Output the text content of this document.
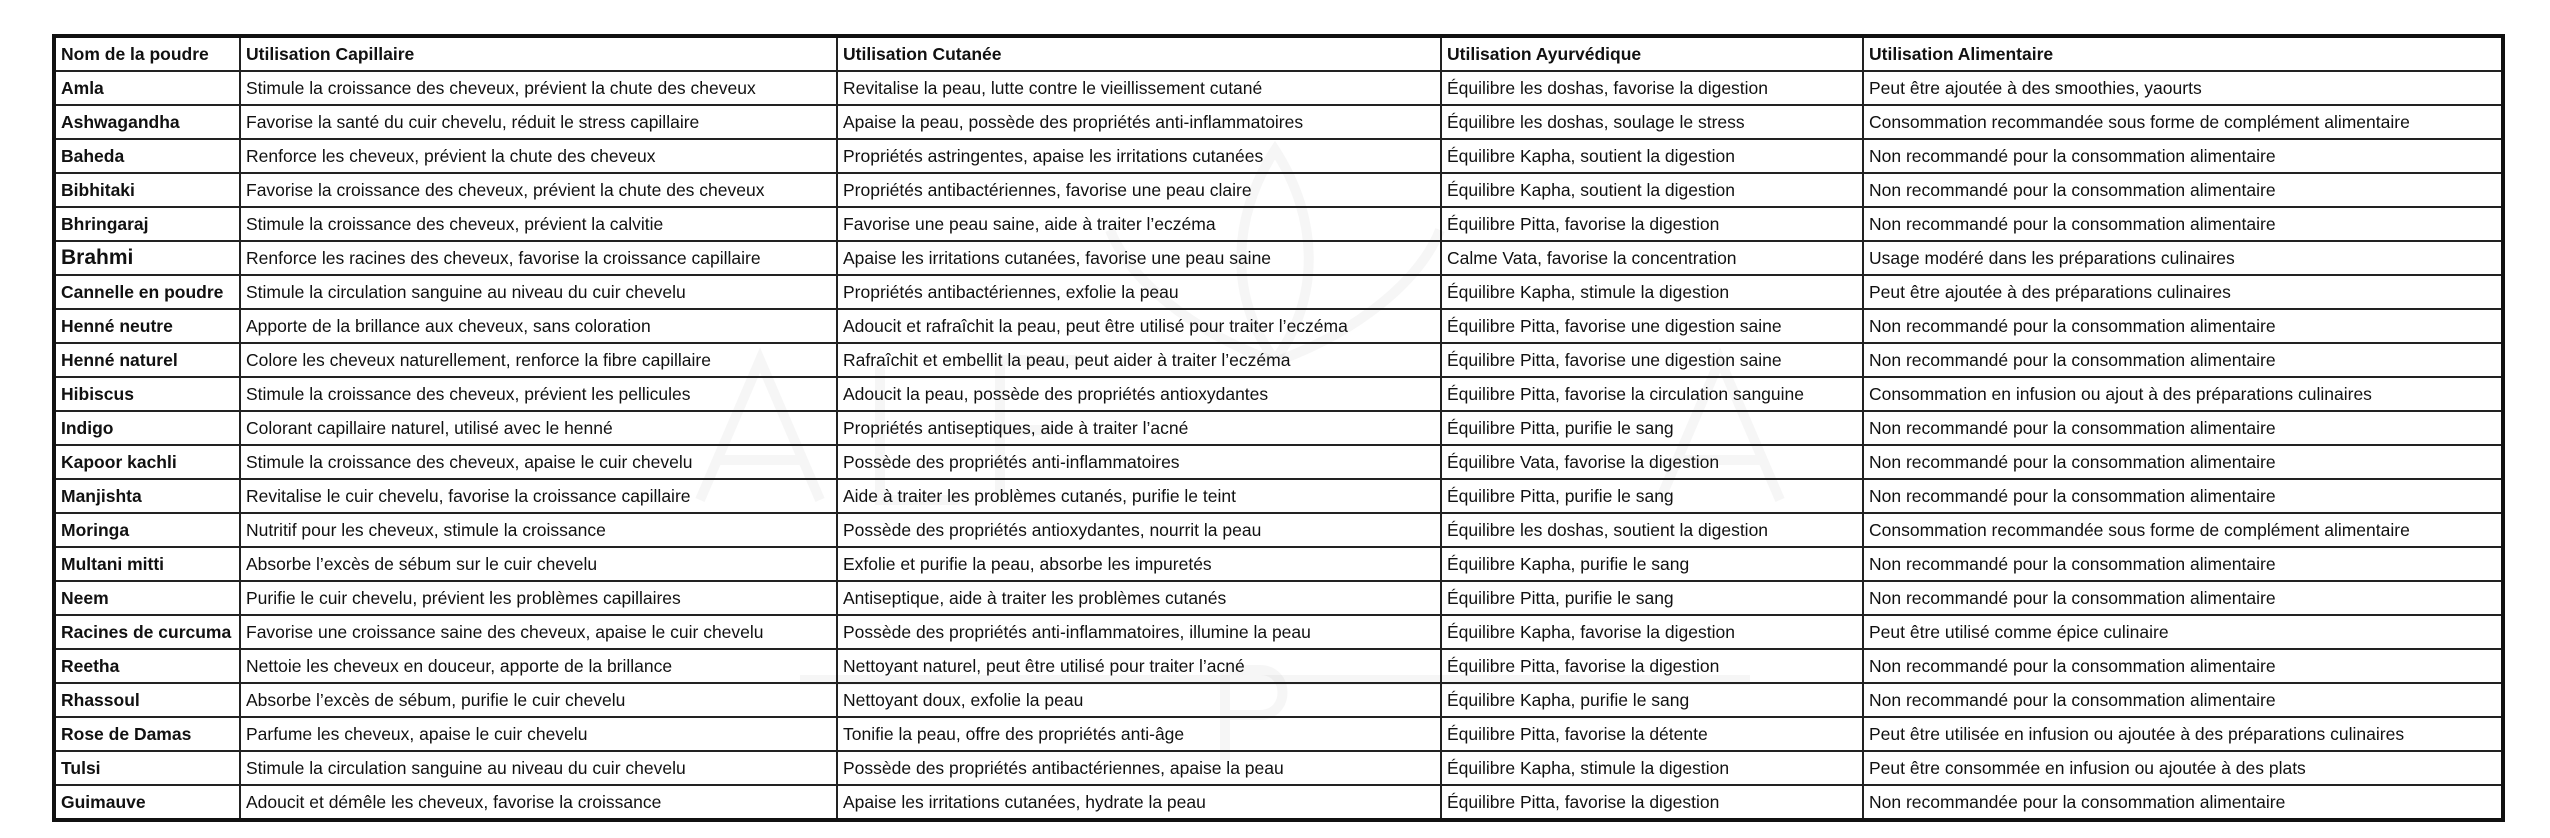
Nom de la poudre	Utilisation Capillaire	Utilisation Cutanée	Utilisation Ayurvédique	Utilisation Alimentaire
Amla	Stimule la croissance des cheveux, prévient la chute des cheveux	Revitalise la peau, lutte contre le vieillissement cutané	Équilibre les doshas, favorise la digestion	Peut être ajoutée à des smoothies, yaourts
Ashwagandha	Favorise la santé du cuir chevelu, réduit le stress capillaire	Apaise la peau, possède des propriétés anti-inflammatoires	Équilibre les doshas, soulage le stress	Consommation recommandée sous forme de complément alimentaire
Baheda	Renforce les cheveux, prévient la chute des cheveux	Propriétés astringentes, apaise les irritations cutanées	Équilibre Kapha, soutient la digestion	Non recommandé pour la consommation alimentaire
Bibhitaki	Favorise la croissance des cheveux, prévient la chute des cheveux	Propriétés antibactériennes, favorise une peau claire	Équilibre Kapha, soutient la digestion	Non recommandé pour la consommation alimentaire
Bhringaraj	Stimule la croissance des cheveux, prévient la calvitie	Favorise une peau saine, aide à traiter l’eczéma	Équilibre Pitta, favorise la digestion	Non recommandé pour la consommation alimentaire
Brahmi	Renforce les racines des cheveux, favorise la croissance capillaire	Apaise les irritations cutanées, favorise une peau saine	Calme Vata, favorise la concentration	Usage modéré dans les préparations culinaires
Cannelle en poudre	Stimule la circulation sanguine au niveau du cuir chevelu	Propriétés antibactériennes, exfolie la peau	Équilibre Kapha, stimule la digestion	Peut être ajoutée à des préparations culinaires
Henné neutre	Apporte de la brillance aux cheveux, sans coloration	Adoucit et rafraîchit la peau, peut être utilisé pour traiter l’eczéma	Équilibre Pitta, favorise une digestion saine	Non recommandé pour la consommation alimentaire
Henné naturel	Colore les cheveux naturellement, renforce la fibre capillaire	Rafraîchit et embellit la peau, peut aider à traiter l’eczéma	Équilibre Pitta, favorise une digestion saine	Non recommandé pour la consommation alimentaire
Hibiscus	Stimule la croissance des cheveux, prévient les pellicules	Adoucit la peau, possède des propriétés antioxydantes	Équilibre Pitta, favorise la circulation sanguine	Consommation en infusion ou ajout à des préparations culinaires
Indigo	Colorant capillaire naturel, utilisé avec le henné	Propriétés antiseptiques, aide à traiter l’acné	Équilibre Pitta, purifie le sang	Non recommandé pour la consommation alimentaire
Kapoor kachli	Stimule la croissance des cheveux, apaise le cuir chevelu	Possède des propriétés anti-inflammatoires	Équilibre Vata, favorise la digestion	Non recommandé pour la consommation alimentaire
Manjishta	Revitalise le cuir chevelu, favorise la croissance capillaire	Aide à traiter les problèmes cutanés, purifie le teint	Équilibre Pitta, purifie le sang	Non recommandé pour la consommation alimentaire
Moringa	Nutritif pour les cheveux, stimule la croissance	Possède des propriétés antioxydantes, nourrit la peau	Équilibre les doshas, soutient la digestion	Consommation recommandée sous forme de complément alimentaire
Multani mitti	Absorbe l’excès de sébum sur le cuir chevelu	Exfolie et purifie la peau, absorbe les impuretés	Équilibre Kapha, purifie le sang	Non recommandé pour la consommation alimentaire
Neem	Purifie le cuir chevelu, prévient les problèmes capillaires	Antiseptique, aide à traiter les problèmes cutanés	Équilibre Pitta, purifie le sang	Non recommandé pour la consommation alimentaire
Racines de curcuma	Favorise une croissance saine des cheveux, apaise le cuir chevelu	Possède des propriétés anti-inflammatoires, illumine la peau	Équilibre Kapha, favorise la digestion	Peut être utilisé comme épice culinaire
Reetha	Nettoie les cheveux en douceur, apporte de la brillance	Nettoyant naturel, peut être utilisé pour traiter l’acné	Équilibre Pitta, favorise la digestion	Non recommandé pour la consommation alimentaire
Rhassoul	Absorbe l’excès de sébum, purifie le cuir chevelu	Nettoyant doux, exfolie la peau	Équilibre Kapha, purifie le sang	Non recommandé pour la consommation alimentaire
Rose de Damas	Parfume les cheveux, apaise le cuir chevelu	Tonifie la peau, offre des propriétés anti-âge	Équilibre Pitta, favorise la détente	Peut être utilisée en infusion ou ajoutée à des préparations culinaires
Tulsi	Stimule la circulation sanguine au niveau du cuir chevelu	Possède des propriétés antibactériennes, apaise la peau	Équilibre Kapha, stimule la digestion	Peut être consommée en infusion ou ajoutée à des plats
Guimauve	Adoucit et démêle les cheveux, favorise la croissance	Apaise les irritations cutanées, hydrate la peau	Équilibre Pitta, favorise la digestion	Non recommandée pour la consommation alimentaire
